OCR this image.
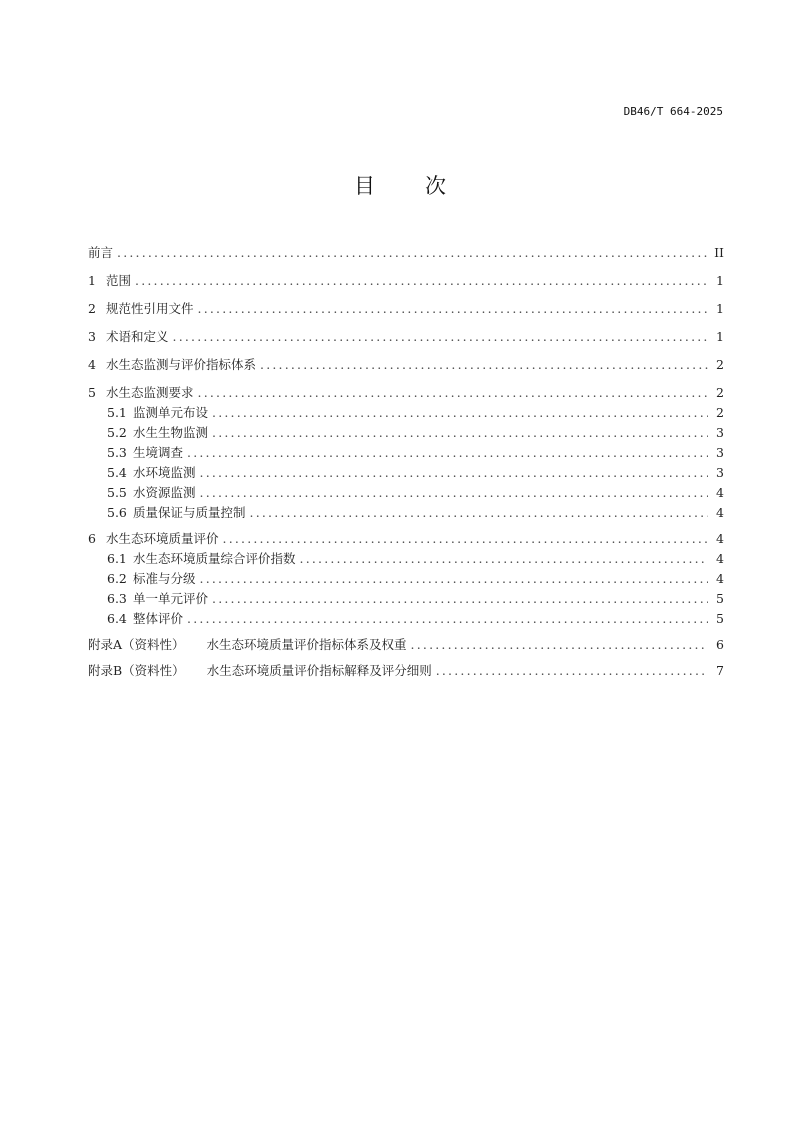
DB46/T 664-2025
目 次
前言 .....	II
1 范围 .....	1
2 规范性引用文件 .....	1
3 术语和定义 .....	1
4 水生态监测与评价指标体系 .....	2
5 水生态监测要求 .....	2
5.1 监测单元布设 .....	2
5.2 水生生物监测 .....	3
5.3 生境调查 .....	3
5.4 水环境监测 .....	3
5.5 水资源监测 .....	4
5.6 质量保证与质量控制 .....	4
6 水生态环境质量评价 .....	4
6.1 水生态环境质量综合评价指数 .....	4
6.2 标准与分级 .....	4
6.3 单一单元评价 .....	5
6.4 整体评价 .....	5
附录A（资料性） 水生态环境质量评价指标体系及权重 .....	6
附录B（资料性） 水生态环境质量评价指标解释及评分细则 .....	7
